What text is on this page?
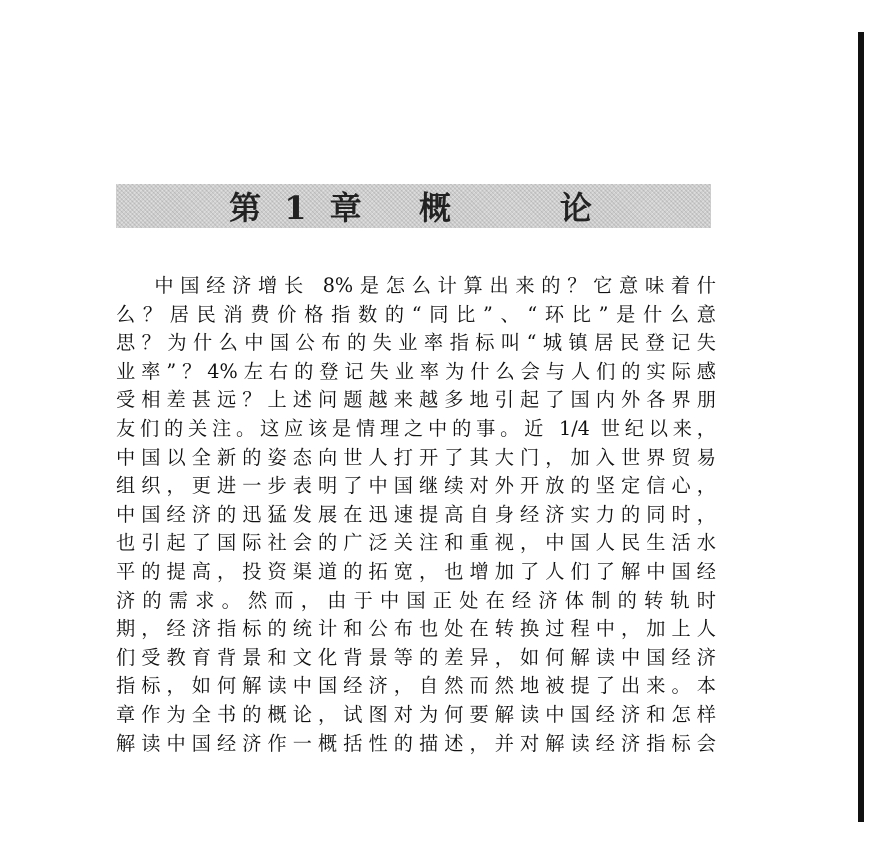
第 1 章   概      论
中国经济增长 8%是怎么计算出来的？它意味着什
么？居民消费价格指数的“同比”、“环比”是什么意
思？为什么中国公布的失业率指标叫“城镇居民登记失
业率”？4%左右的登记失业率为什么会与人们的实际感
受相差甚远？上述问题越来越多地引起了国内外各界朋
友们的关注。这应该是情理之中的事。近 1/4 世纪以来，
中国以全新的姿态向世人打开了其大门，加入世界贸易
组织，更进一步表明了中国继续对外开放的坚定信心，
中国经济的迅猛发展在迅速提高自身经济实力的同时，
也引起了国际社会的广泛关注和重视，中国人民生活水
平的提高，投资渠道的拓宽，也增加了人们了解中国经
济的需求。然而，由于中国正处在经济体制的转轨时
期，经济指标的统计和公布也处在转换过程中，加上人
们受教育背景和文化背景等的差异，如何解读中国经济
指标，如何解读中国经济，自然而然地被提了出来。本
章作为全书的概论，试图对为何要解读中国经济和怎样
解读中国经济作一概括性的描述，并对解读经济指标会
